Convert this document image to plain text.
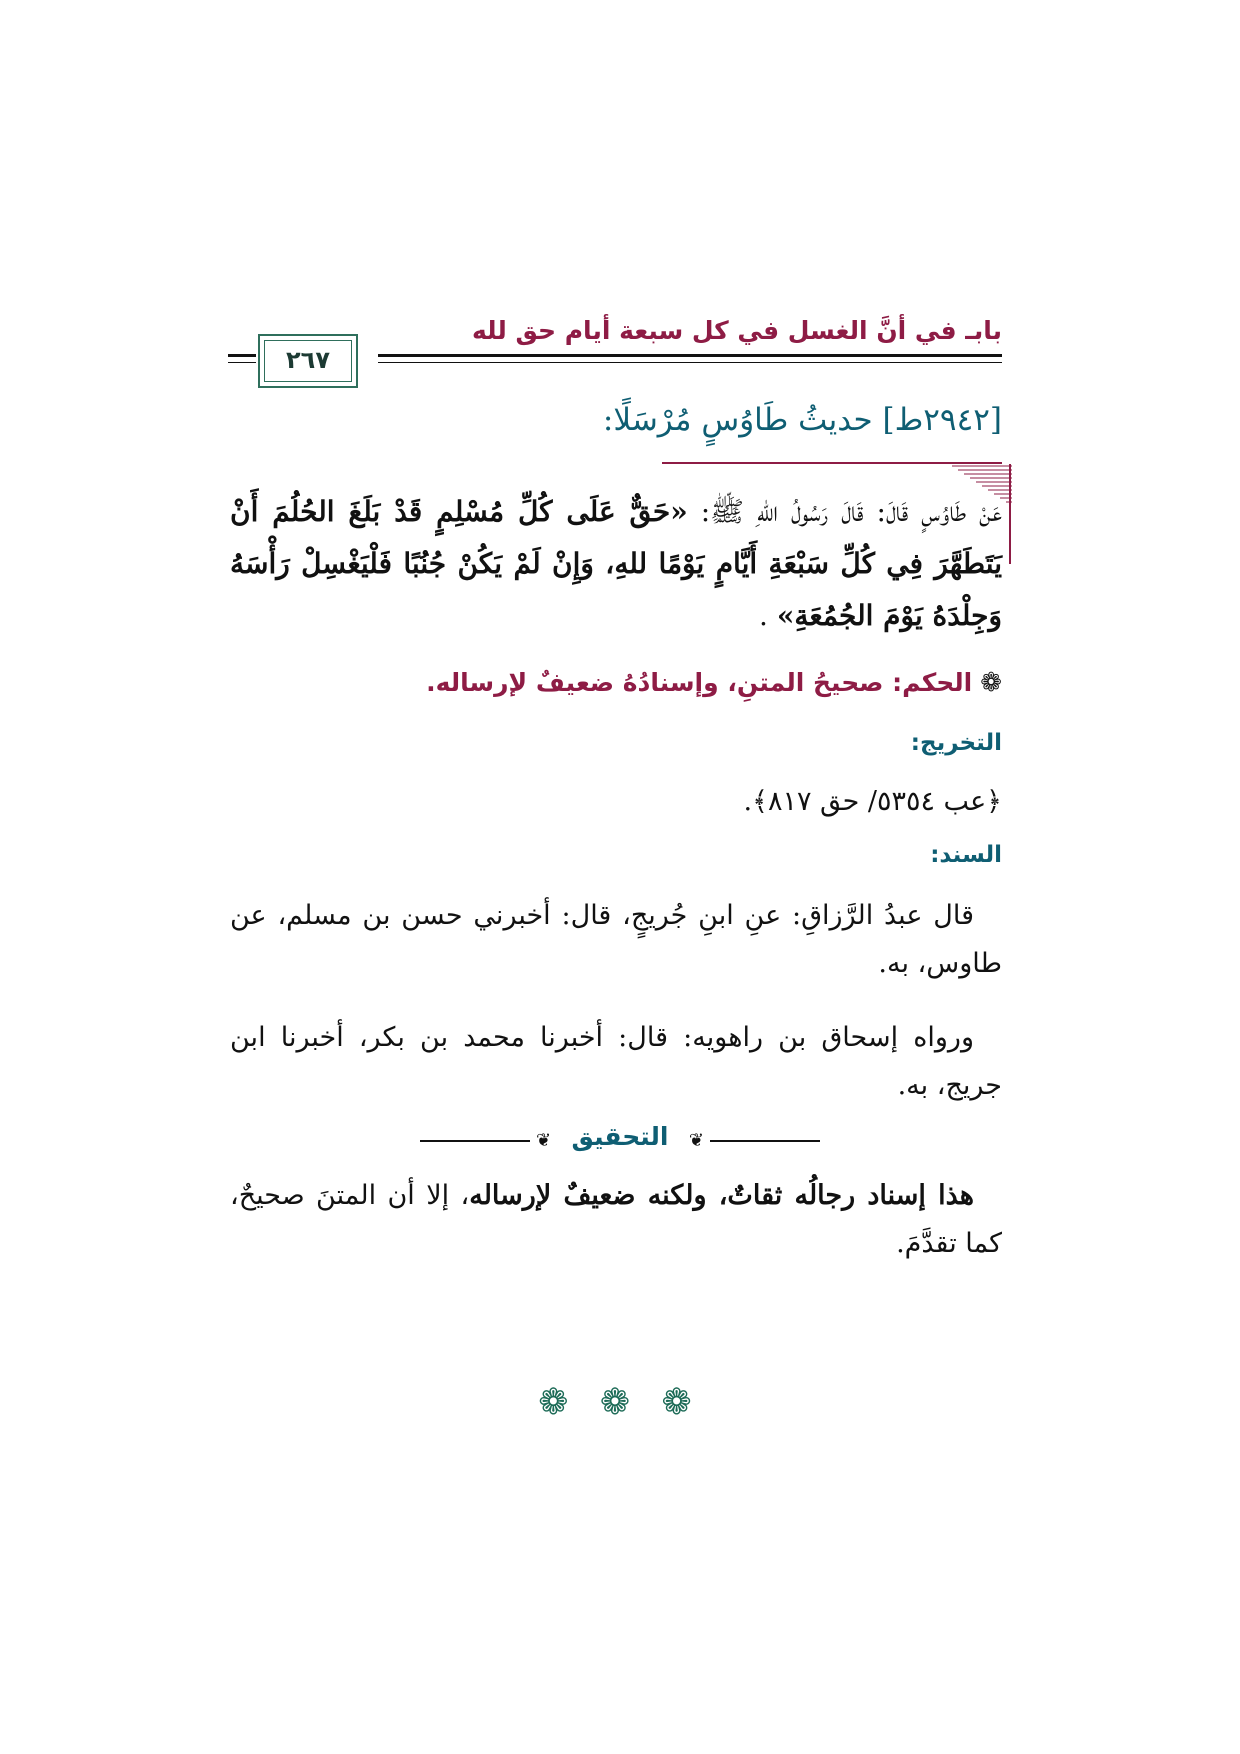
بابـ في أنَّ الغسل في كل سبعة أيام حق لله
٢٦٧
[٢٩٤٢ط] حديثُ طَاوُسٍ مُرْسَلًا:
عَنْ طَاوُسٍ قَالَ: قَالَ رَسُولُ اللهِ ﷺ: «حَقٌّ عَلَى كُلِّ مُسْلِمٍ قَدْ بَلَغَ الحُلُمَ أَنْ يَتَطَهَّرَ فِي كُلِّ سَبْعَةِ أَيَّامٍ يَوْمًا للهِ، وَإِنْ لَمْ يَكُنْ جُنُبًا فَلْيَغْسِلْ رَأْسَهُ وَجِلْدَهُ يَوْمَ الجُمُعَةِ» .
❁الحكم: صحيحُ المتنِ، وإسنادُهُ ضعيفٌ لإرساله.
التخريج:
﴿عب ٥٣٥٤/ حق ٨١٧﴾.
السند:
قال عبدُ الرَّزاقِ: عنِ ابنِ جُريجٍ، قال: أخبرني حسن بن مسلم، عن طاوس، به.
ورواه إسحاق بن راهويه: قال: أخبرنا محمد بن بكر، أخبرنا ابن جريج، به.
❦ التحقيق	❦
هذا إسناد رجالُه ثقاتٌ، ولكنه ضعيفٌ لإرساله، إلا أن المتنَ صحيحٌ، كما تقدَّمَ.
❁ ❁ ❁
